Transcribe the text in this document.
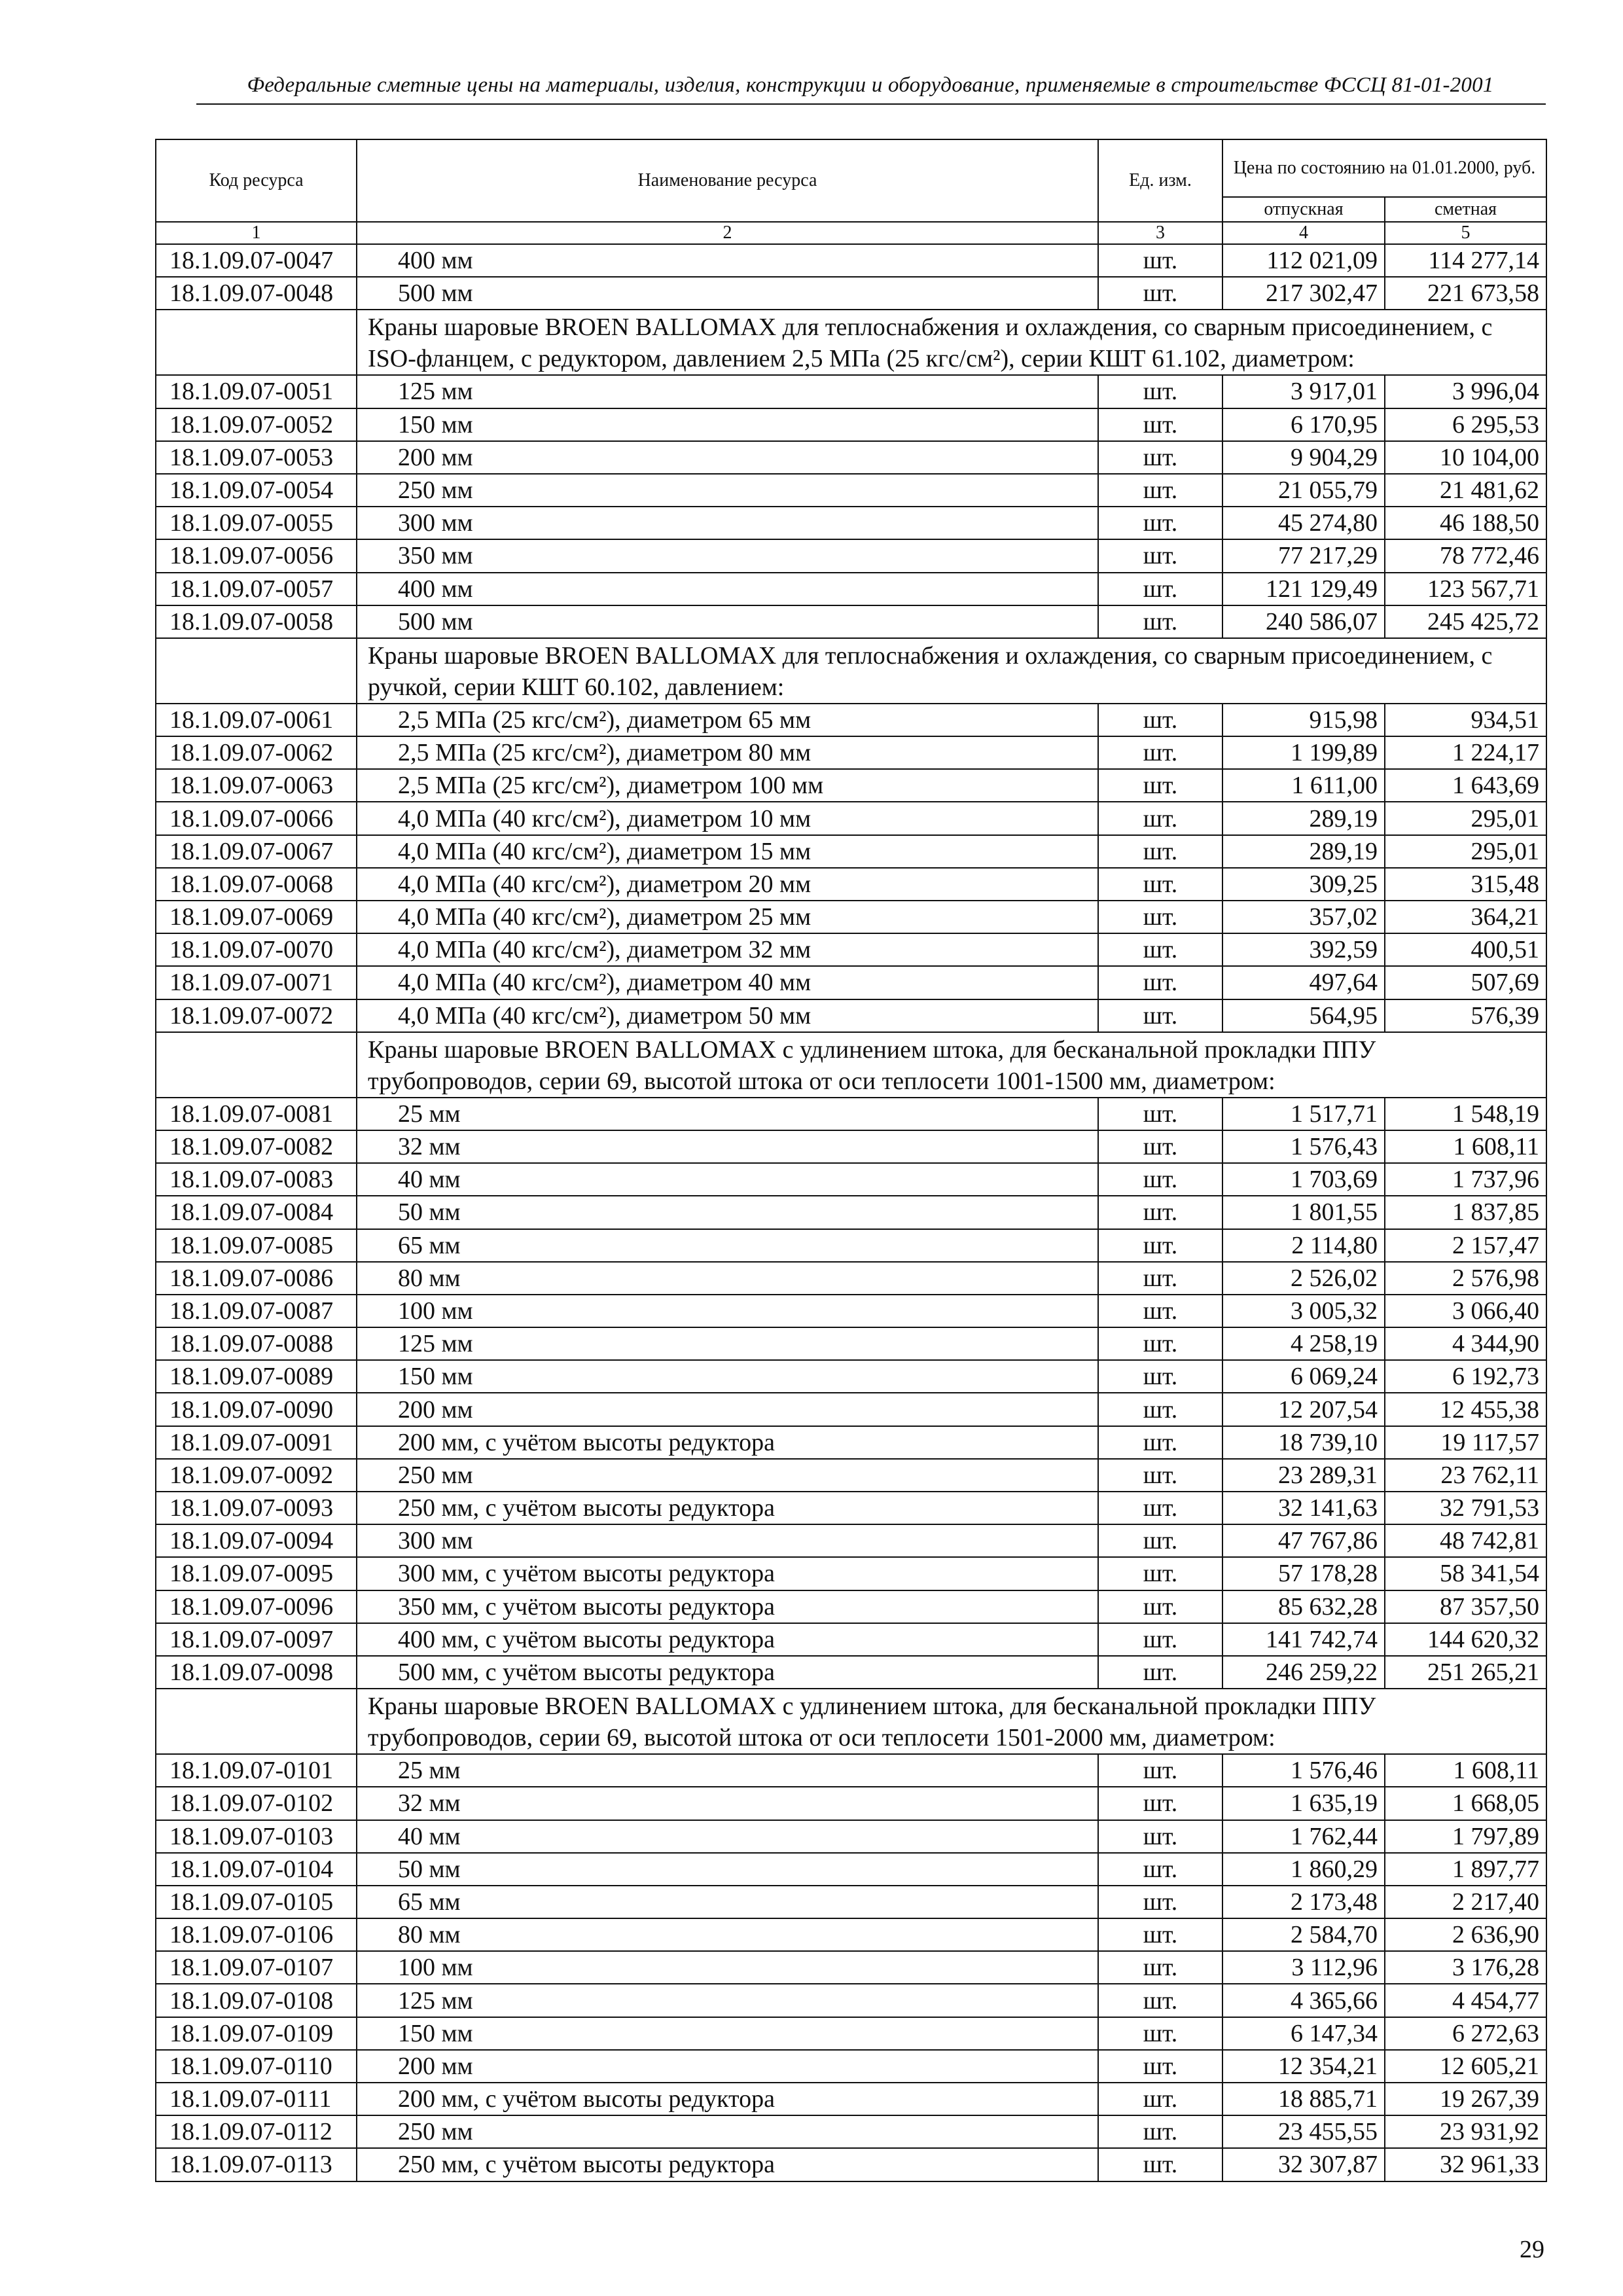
Федеральные сметные цены на материалы, изделия, конструкции и оборудование, применяемые в строительстве ФССЦ 81-01-2001
Код ресурса	Наименование ресурса	Ед. изм.	Цена по состоянию на 01.01.2000, руб.	
			отпускная	сметная
1	2	3	4	5
18.1.09.07-0047	400 мм	шт.	112 021,09	114 277,14
18.1.09.07-0048	500 мм	шт.	217 302,47	221 673,58
	Краны шаровые BROEN BALLOMAX для теплоснабжения и охлаждения, со сварным присоединением, с ISO-фланцем, с редуктором, давлением 2,5 МПа (25 кгс/см²), серии КШТ 61.102, диаметром:			
18.1.09.07-0051	125 мм	шт.	3 917,01	3 996,04
18.1.09.07-0052	150 мм	шт.	6 170,95	6 295,53
18.1.09.07-0053	200 мм	шт.	9 904,29	10 104,00
18.1.09.07-0054	250 мм	шт.	21 055,79	21 481,62
18.1.09.07-0055	300 мм	шт.	45 274,80	46 188,50
18.1.09.07-0056	350 мм	шт.	77 217,29	78 772,46
18.1.09.07-0057	400 мм	шт.	121 129,49	123 567,71
18.1.09.07-0058	500 мм	шт.	240 586,07	245 425,72
	Краны шаровые BROEN BALLOMAX для теплоснабжения и охлаждения, со сварным присоединением, с ручкой, серии КШТ 60.102, давлением:			
18.1.09.07-0061	2,5 МПа (25 кгс/см²), диаметром 65 мм	шт.	915,98	934,51
18.1.09.07-0062	2,5 МПа (25 кгс/см²), диаметром 80 мм	шт.	1 199,89	1 224,17
18.1.09.07-0063	2,5 МПа (25 кгс/см²), диаметром 100 мм	шт.	1 611,00	1 643,69
18.1.09.07-0066	4,0 МПа (40 кгс/см²), диаметром 10 мм	шт.	289,19	295,01
18.1.09.07-0067	4,0 МПа (40 кгс/см²), диаметром 15 мм	шт.	289,19	295,01
18.1.09.07-0068	4,0 МПа (40 кгс/см²), диаметром 20 мм	шт.	309,25	315,48
18.1.09.07-0069	4,0 МПа (40 кгс/см²), диаметром 25 мм	шт.	357,02	364,21
18.1.09.07-0070	4,0 МПа (40 кгс/см²), диаметром 32 мм	шт.	392,59	400,51
18.1.09.07-0071	4,0 МПа (40 кгс/см²), диаметром 40 мм	шт.	497,64	507,69
18.1.09.07-0072	4,0 МПа (40 кгс/см²), диаметром 50 мм	шт.	564,95	576,39
	Краны шаровые BROEN BALLOMAX с удлинением штока, для бесканальной прокладки ППУ трубопроводов, серии 69, высотой штока от оси теплосети 1001-1500 мм, диаметром:			
18.1.09.07-0081	25 мм	шт.	1 517,71	1 548,19
18.1.09.07-0082	32 мм	шт.	1 576,43	1 608,11
18.1.09.07-0083	40 мм	шт.	1 703,69	1 737,96
18.1.09.07-0084	50 мм	шт.	1 801,55	1 837,85
18.1.09.07-0085	65 мм	шт.	2 114,80	2 157,47
18.1.09.07-0086	80 мм	шт.	2 526,02	2 576,98
18.1.09.07-0087	100 мм	шт.	3 005,32	3 066,40
18.1.09.07-0088	125 мм	шт.	4 258,19	4 344,90
18.1.09.07-0089	150 мм	шт.	6 069,24	6 192,73
18.1.09.07-0090	200 мм	шт.	12 207,54	12 455,38
18.1.09.07-0091	200 мм, с учётом высоты редуктора	шт.	18 739,10	19 117,57
18.1.09.07-0092	250 мм	шт.	23 289,31	23 762,11
18.1.09.07-0093	250 мм, с учётом высоты редуктора	шт.	32 141,63	32 791,53
18.1.09.07-0094	300 мм	шт.	47 767,86	48 742,81
18.1.09.07-0095	300 мм, с учётом высоты редуктора	шт.	57 178,28	58 341,54
18.1.09.07-0096	350 мм, с учётом высоты редуктора	шт.	85 632,28	87 357,50
18.1.09.07-0097	400 мм, с учётом высоты редуктора	шт.	141 742,74	144 620,32
18.1.09.07-0098	500 мм, с учётом высоты редуктора	шт.	246 259,22	251 265,21
	Краны шаровые BROEN BALLOMAX с удлинением штока, для бесканальной прокладки ППУ трубопроводов, серии 69, высотой штока от оси теплосети 1501-2000 мм, диаметром:			
18.1.09.07-0101	25 мм	шт.	1 576,46	1 608,11
18.1.09.07-0102	32 мм	шт.	1 635,19	1 668,05
18.1.09.07-0103	40 мм	шт.	1 762,44	1 797,89
18.1.09.07-0104	50 мм	шт.	1 860,29	1 897,77
18.1.09.07-0105	65 мм	шт.	2 173,48	2 217,40
18.1.09.07-0106	80 мм	шт.	2 584,70	2 636,90
18.1.09.07-0107	100 мм	шт.	3 112,96	3 176,28
18.1.09.07-0108	125 мм	шт.	4 365,66	4 454,77
18.1.09.07-0109	150 мм	шт.	6 147,34	6 272,63
18.1.09.07-0110	200 мм	шт.	12 354,21	12 605,21
18.1.09.07-0111	200 мм, с учётом высоты редуктора	шт.	18 885,71	19 267,39
18.1.09.07-0112	250 мм	шт.	23 455,55	23 931,92
18.1.09.07-0113	250 мм, с учётом высоты редуктора	шт.	32 307,87	32 961,33
29
